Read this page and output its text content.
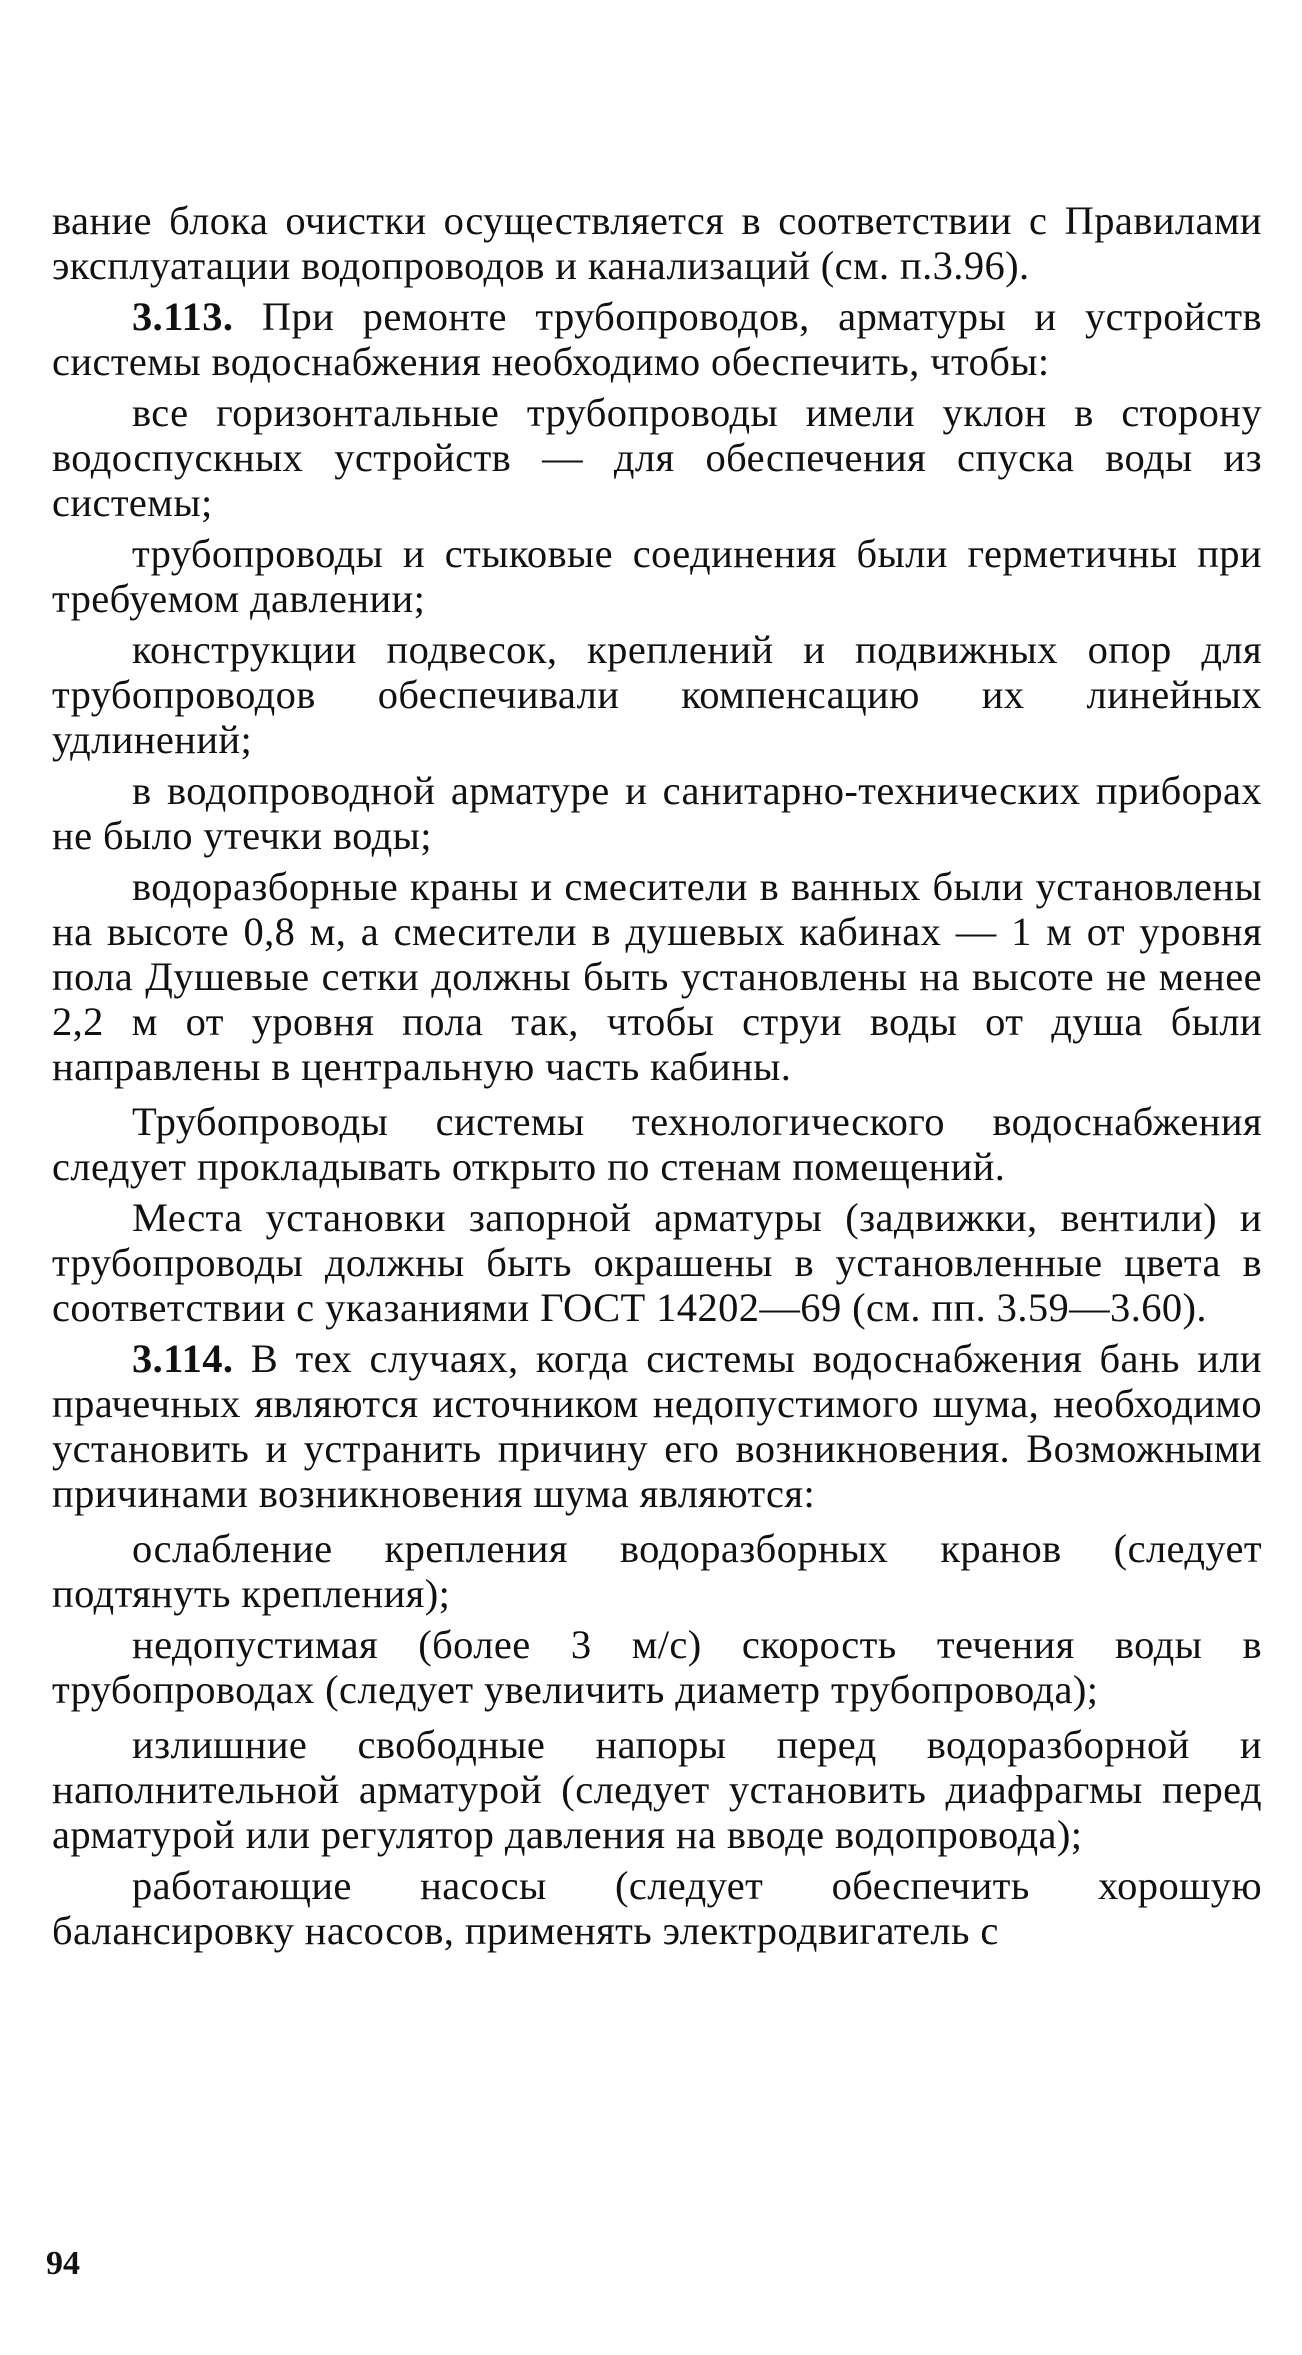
вание блока очистки осуществляется в соответствии с Правилами эксплуатации водопроводов и канализаций (см. п.3.96).

3.113. При ремонте трубопроводов, арматуры и устройств системы водоснабжения необходимо обеспечить, чтобы:

все горизонтальные трубопроводы имели уклон в сторону водоспускных устройств — для обеспечения спуска воды из системы;

трубопроводы и стыковые соединения были герметичны при требуемом давлении;

конструкции подвесок, креплений и подвижных опор для трубопроводов обеспечивали компенсацию их линейных удлинений;

в водопроводной арматуре и санитарно-технических приборах не было утечки воды;

водоразборные краны и смесители в ванных были установлены на высоте 0,8 м, а смесители в душевых кабинах — 1 м от уровня пола Душевые сетки должны быть установлены на высоте не менее 2,2 м от уровня пола так, чтобы струи воды от душа были направлены в центральную часть кабины.

Трубопроводы системы технологического водоснабжения следует прокладывать открыто по стенам помещений.

Места установки запорной арматуры (задвижки, вентили) и трубопроводы должны быть окрашены в установленные цвета в соответствии с указаниями ГОСТ 14202—69 (см. пп. 3.59—3.60).

3.114. В тех случаях, когда системы водоснабжения бань или прачечных являются источником недопустимого шума, необходимо установить и устранить причину его возникновения. Возможными причинами возникновения шума являются:

ослабление крепления водоразборных кранов (следует подтянуть крепления);

недопустимая (более 3 м/с) скорость течения воды в трубопроводах (следует увеличить диаметр трубопровода);

излишние свободные напоры перед водоразборной и наполнительной арматурой (следует установить диафрагмы перед арматурой или регулятор давления на вводе водопровода);

работающие насосы (следует обеспечить хорошую балансировку насосов, применять электродвигатель с

94
